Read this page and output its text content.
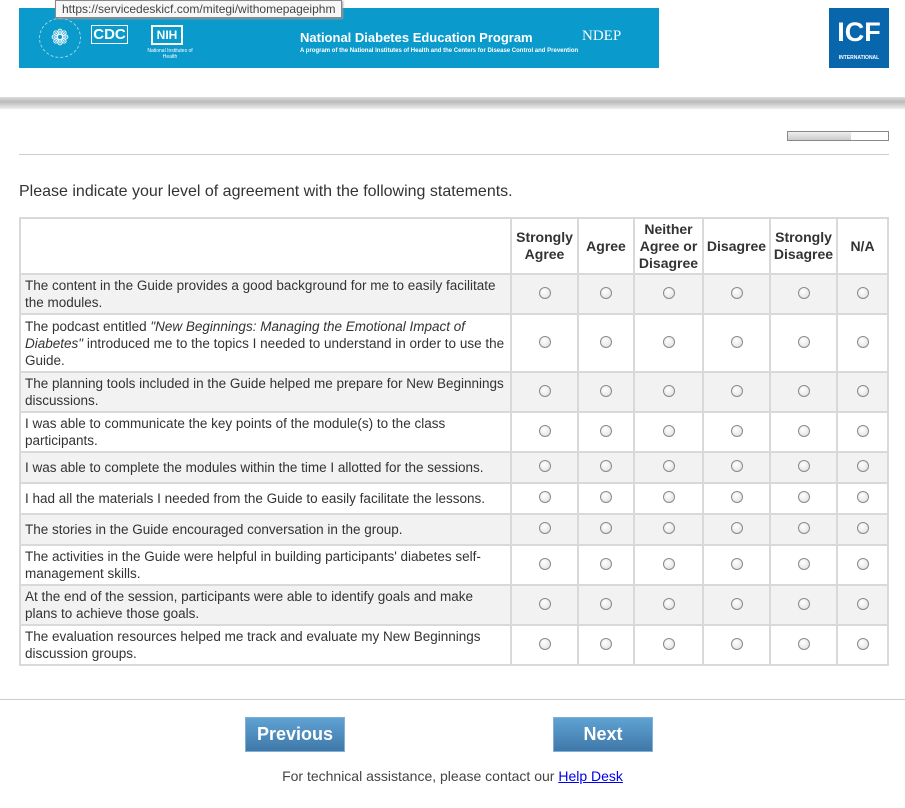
https://servicedeskicf.com/mitegi/withomepageiphm
❁	CDC	NIH
National Institutes of Health
National Diabetes Education Program	NDEP
A program of the National Institutes of Health and the Centers for Disease Control and Prevention
ICF
INTERNATIONAL
Please indicate your level of agreement with the following statements.
	Strongly Agree	Agree	Neither Agree or Disagree	Disagree	Strongly Disagree	N/A
The content in the Guide provides a good background for me to easily facilitate the modules.						
The podcast entitled "New Beginnings: Managing the Emotional Impact of Diabetes" introduced me to the topics I needed to understand in order to use the Guide.						
The planning tools included in the Guide helped me prepare for New Beginnings discussions.						
I was able to communicate the key points of the module(s) to the class participants.						
I was able to complete the modules within the time I allotted for the sessions.						
I had all the materials I needed from the Guide to easily facilitate the lessons.						
The stories in the Guide encouraged conversation in the group.						
The activities in the Guide were helpful in building participants' diabetes self-management skills.						
At the end of the session, participants were able to identify goals and make plans to achieve those goals.						
The evaluation resources helped me track and evaluate my New Beginnings discussion groups.						
Previous	Next
For technical assistance, please contact our Help Desk
